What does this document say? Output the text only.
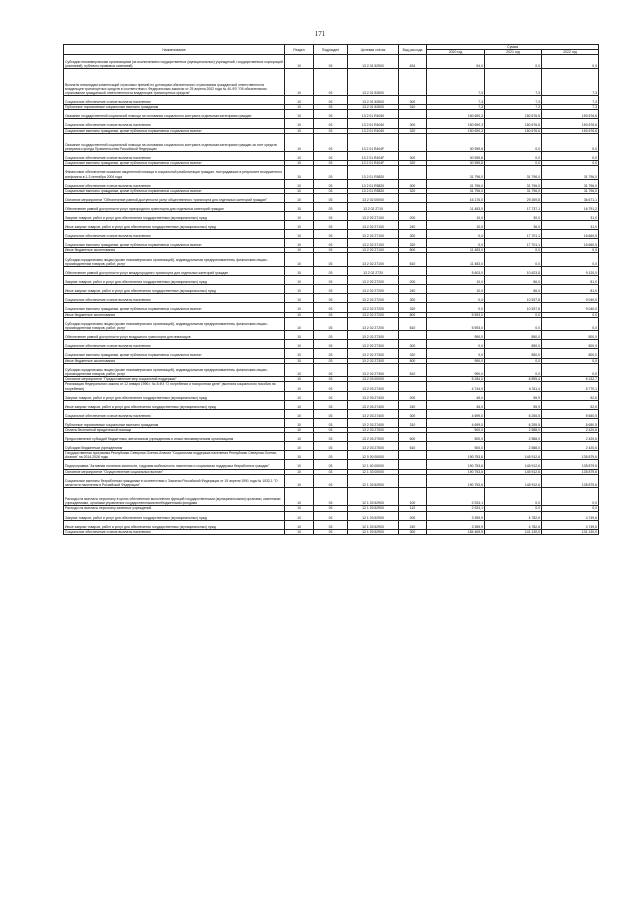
171
Наименование	Раздел	Подраздел	Целевая статья	Вид расхода	Сумма		
					2020 год	2021 год	2022 год
Субсидии некоммерческим организациям (за исключением государственных (муниципальных) учреждений, государственных корпораций (компаний), публично-правовых компаний)	10	03	13 2 01 52900	634	54,0	0,0	0,0
Выплаты инвалидам компенсаций страховых премий по договорам обязательного страхования гражданской ответственности владельцев транспортных средств в соответствии с Федеральным законом от 25 апреля 2002 года № 40-ФЗ "Об обязательном страховании гражданской ответственности владельцев транспортных средств"	10	03	13 2 01 52800		7,3	7,3	7,3
Социальное обеспечение и иные выплаты населению	10	03	13 2 01 52800	300	7,3	7,3	7,3
Публичные нормативные социальные выплаты гражданам	10	03	13 2 01 52800	310	7,3	7,3	7,3
Оказание государственной социальной помощи на основании социального контракта отдельным категориям граждан	10	03	13 2 01 R4040		150 690,3	150 676,6	150 676,6
Социальное обеспечение и иные выплаты населению	10	03	13 2 01 R4040	300	150 690,3	150 676,6	150 676,6
Социальные выплаты гражданам, кроме публичных нормативных социальных выплат	10	03	13 2 01 R4040	320	150 690,3	150 676,6	150 676,6
Оказание государственной социальной помощи на основании социального контракта отдельным категориям граждан за счет средств резервного фонда Правительства Российской Федерации	10	03	13 2 01 R404F		30 959,8	0,0	0,0
Социальное обеспечение и иные выплаты населению	10	03	13 2 01 R404F	300	30 959,8	0,0	0,0
Социальные выплаты гражданам, кроме публичных нормативных социальных выплат	10	03	13 2 01 R404F	320	30 959,8	0,0	0,0
Финансовое обеспечение оказания нацеленной помощи в социальной реабилитации граждан, пострадавших в результате вооруженного конфликта в 1-3 сентября 2004 года	10	03	13 2 01 R5820		31 796,0	31 796,0	31 796,0
Социальное обеспечение и иные выплаты населению	10	03	13 2 01 R5820	300	31 796,0	31 796,0	31 796,0
Социальные выплаты гражданам, кроме публичных нормативных социальных выплат	10	03	13 2 01 R5820	320	31 796,0	31 796,0	31 796,0
Основное мероприятие "Обеспечение равной доступности услуг общественного транспорта для отдельных категорий граждан"	10	03	13 2 02 00000		16 176,0	29 269,8	36 671,1
Обеспечение равной доступности услуг пригородного транспорта для отдельных категорий граждан	10	03	13 2 02 2710		11 483,0	17 737,1	16 791,2
Закупка товаров, работ и услуг для обеспечения государственных (муниципальных) нужд	10	03	13 2 02 27100	200	10,0	30,0	31,0
Иные закупки товаров, работ и услуг для обеспечения государственных (муниципальных) нужд	10	03	13 2 02 27100	240	10,0	36,0	31,0
Социальное обеспечение и иные выплаты населению	10	03	13 2 02 27100	300	0,0	17 701,1	16 660,5
Социальные выплаты гражданам, кроме публичных нормативных социальных выплат	10	03	13 2 02 27100	320	0,0	17 701,1	16 660,5
Иные бюджетные ассигнования	10	03	13 2 02 27100	800	11 483,0	0,0	0,0
Субсидии юридическим лицам (кроме некоммерческих организаций), индивидуальным предпринимателям, физическим лицам - производителям товаров, работ, услуг	10	03	13 2 02 27100	810	11 483,0	0,0	0,0
Обеспечение равной доступности услуг междугородного транспорта для отдельных категорий граждан	10	03	13 2 02 2720		5 603,0	10 623,8	9 120,0
Закупка товаров, работ и услуг для обеспечения государственных (муниципальных) нужд	10	03	13 2 02 27200	200	10,0	86,0	81,0
Иные закупки товаров, работ и услуг для обеспечения государственных (муниципальных) нужд	10	03	13 2 02 27200	240	10,0	86,0	81,0
Социальное обеспечение и иные выплаты населению	10	03	13 2 02 27200	300	0,0	10 537,8	9 040,0
Социальные выплаты гражданам, кроме публичных нормативных социальных выплат	10	03	13 2 02 27200	320	0,0	10 537,8	9 040,0
Иные бюджетные ассигнования	10	03	13 2 02 27200	800	5 593,0	0,0	0,0
Субсидии юридическим лицам (кроме некоммерческих организаций), индивидуальным предпринимателям, физическим лицам - производителям товаров, работ, услуг	10	03	13 2 02 27200	810	5 593,0	0,0	0,0
Обеспечение равной доступности услуг воздушного транспорта для инвалидов	10	03	13 2 02 27300		990,0	850,0	800,0
Социальное обеспечение и иные выплаты населению	10	03	13 2 02 27300	300	0,0	850,0	800,0
Социальные выплаты гражданам, кроме публичных нормативных социальных выплат	10	03	13 2 02 27300	320	0,0	850,0	800,0
Иные бюджетные ассигнования	10	03	13 2 02 27300	800	990,0	0,0	0,0
Субсидии юридическим лицам (кроме некоммерческих организаций), индивидуальным предпринимателям, физическим лицам - производителям товаров, работ, услуг	10	03	13 2 02 27300	810	990,0	0,0	0,0
Основное мероприятие "Предоставление мер социальной поддержки"	10	03	13 2 03 00000		5 284,0	6 899,4	6 132,7
Реализация Федерального закона от 12 января 1996 г. № 8-ФЗ "О погребении и похоронном деле" (выплата социального пособия на погребение)	10	03	13 2 03 27400		4 744,0	6 311,4	5 770,1
Закупка товаров, работ и услуг для обеспечения государственных (муниципальных) нужд	10	03	13 2 03 27400	200	45,0	55,9	52,6
Иные закупки товаров, работ и услуг для обеспечения государственных (муниципальных) нужд	10	03	13 2 03 27400	240	45,0	55,9	52,6
Социальное обеспечение и иные выплаты населению	10	03	13 2 03 27400	300	4 699,0	6 255,5	5 650,5
Публичные нормативные социальные выплаты гражданам	10	03	13 2 03 27400	310	4 699,0	6 255,5	5 650,5
Оплата бесплатной юридической помощи	10	03	13 2 03 27500		500,0	2 588,0	2 420,6
Предоставление субсидий бюджетным, автономным учреждениям и иным некоммерческим организациям	10	03	13 2 03 27500	600	500,0	2 588,0	2 420,6
Субсидии бюджетным учреждениям	10	03	13 2 03 27500	610	500,0	2 588,0	2 420,6
Государственная программа Республики Северная Осетия-Алания "Социальная поддержка населения Республики Северная Осетия-Алания" на 2014-2026 годы	10	03	12 0 00 00000		190 753,6	145 912,6	135 879,6
Подпрограмма "Активная политика занятости, трудовая мобильность населения и социальная поддержка безработных граждан"	10	03	12 1 00 00000		190 753,6	145 912,6	135 879,6
Основное мероприятие "Осуществление социальных выплат"	10	03	12 1 03 00000		190 753,6	145 912,6	135 879,6
Социальные выплаты безработным гражданам в соответствии с Законом Российской Федерации от 19 апреля 1991 года № 1032-1 "О занятости населения в Российской Федерации"	10	03	12 1 03 52900		190 753,6	145 912,6	135 879,6
Расходы на выплаты персоналу в целях обеспечения выполнения функций государственными (муниципальными) органами, казенными учреждениями, органами управления государственными внебюджетными фондами	10	03	12 1 03 52900	100	2 924,1	0,0	0,0
Расходы на выплаты персоналу казенных учреждений	10	03	12 1 03 52900	110	2 924,1	0,0	0,0
Закупка товаров, работ и услуг для обеспечения государственных (муниципальных) нужд	10	03	12 1 03 52900	200	3 359,9	4 782,6	4 749,6
Иные закупки товаров, работ и услуг для обеспечения государственных (муниципальных) нужд	10	03	12 1 03 52900	240	3 359,9	4 782,6	4 749,6
Социальное обеспечение и иные выплаты населению	10	03	12 1 03 52900	300	184 469,5	141 130,0	131 130,0
